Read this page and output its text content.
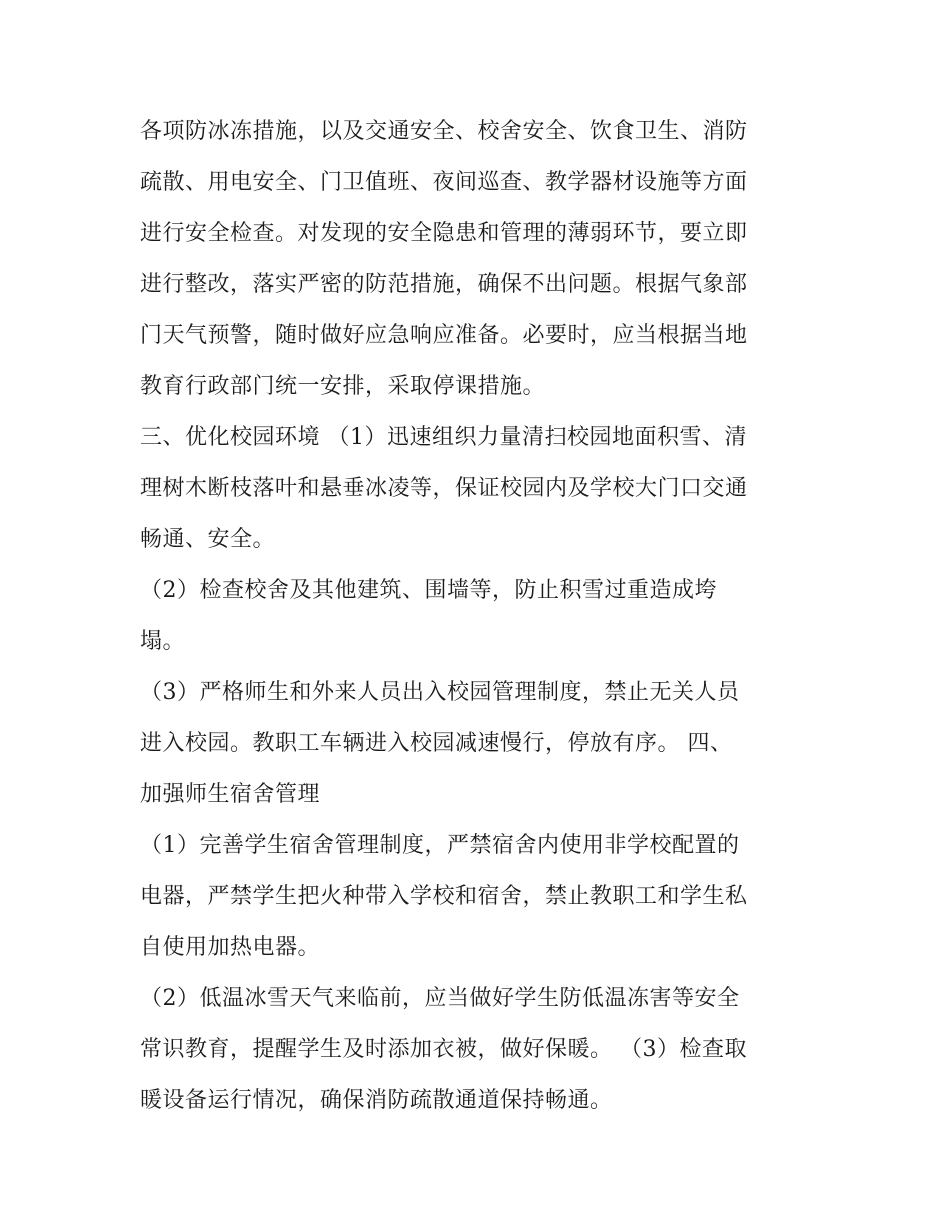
各项防冰冻措施，以及交通安全、校舍安全、饮食卫生、消防
疏散、用电安全、门卫值班、夜间巡查、教学器材设施等方面
进行安全检查。对发现的安全隐患和管理的薄弱环节，要立即
进行整改，落实严密的防范措施，确保不出问题。根据气象部
门天气预警，随时做好应急响应准备。必要时，应当根据当地
教育行政部门统一安排，采取停课措施。
三、优化校园环境 （1）迅速组织力量清扫校园地面积雪、清
理树木断枝落叶和悬垂冰凌等，保证校园内及学校大门口交通
畅通、安全。
（2）检查校舍及其他建筑、围墙等，防止积雪过重造成垮
塌。
（3）严格师生和外来人员出入校园管理制度，禁止无关人员
进入校园。教职工车辆进入校园减速慢行，停放有序。 四、
加强师生宿舍管理
（1）完善学生宿舍管理制度，严禁宿舍内使用非学校配置的
电器，严禁学生把火种带入学校和宿舍，禁止教职工和学生私
自使用加热电器。
（2）低温冰雪天气来临前，应当做好学生防低温冻害等安全
常识教育，提醒学生及时添加衣被，做好保暖。 （3）检查取
暖设备运行情况，确保消防疏散通道保持畅通。
